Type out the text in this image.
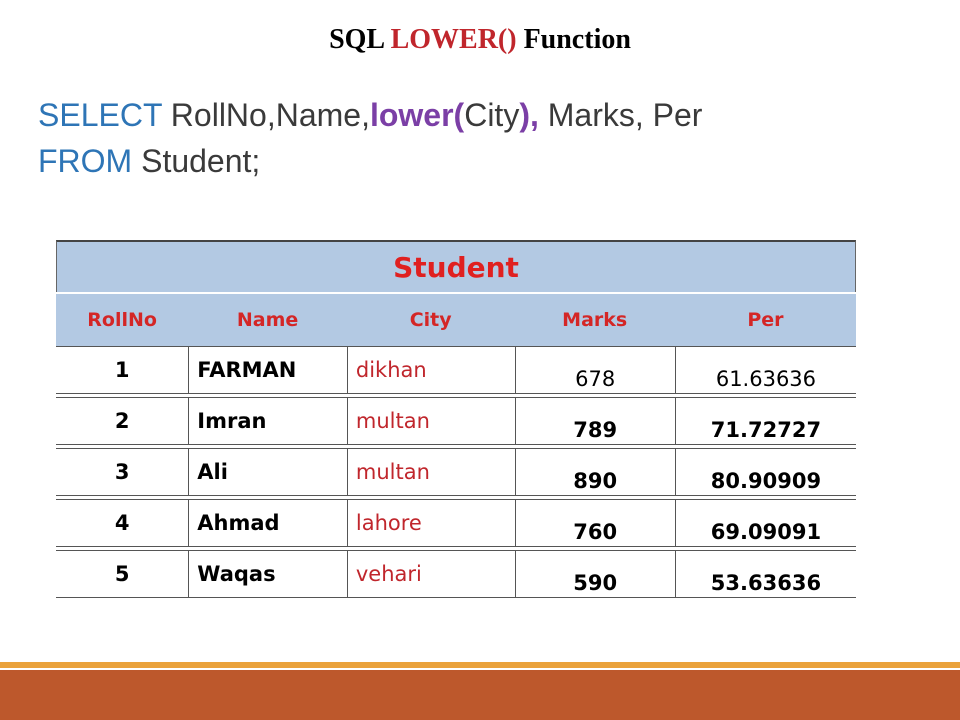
SQL LOWER() Function
SELECT RollNo,Name,lower(City), Marks, Per
FROM Student;
Student				
RollNo	Name	City	Marks	Per
1	FARMAN	dikhan	678	61.63636

2	Imran	multan	789	71.72727

3	Ali	multan	890	80.90909

4	Ahmad	lahore	760	69.09091

5	Waqas	vehari	590	53.63636
